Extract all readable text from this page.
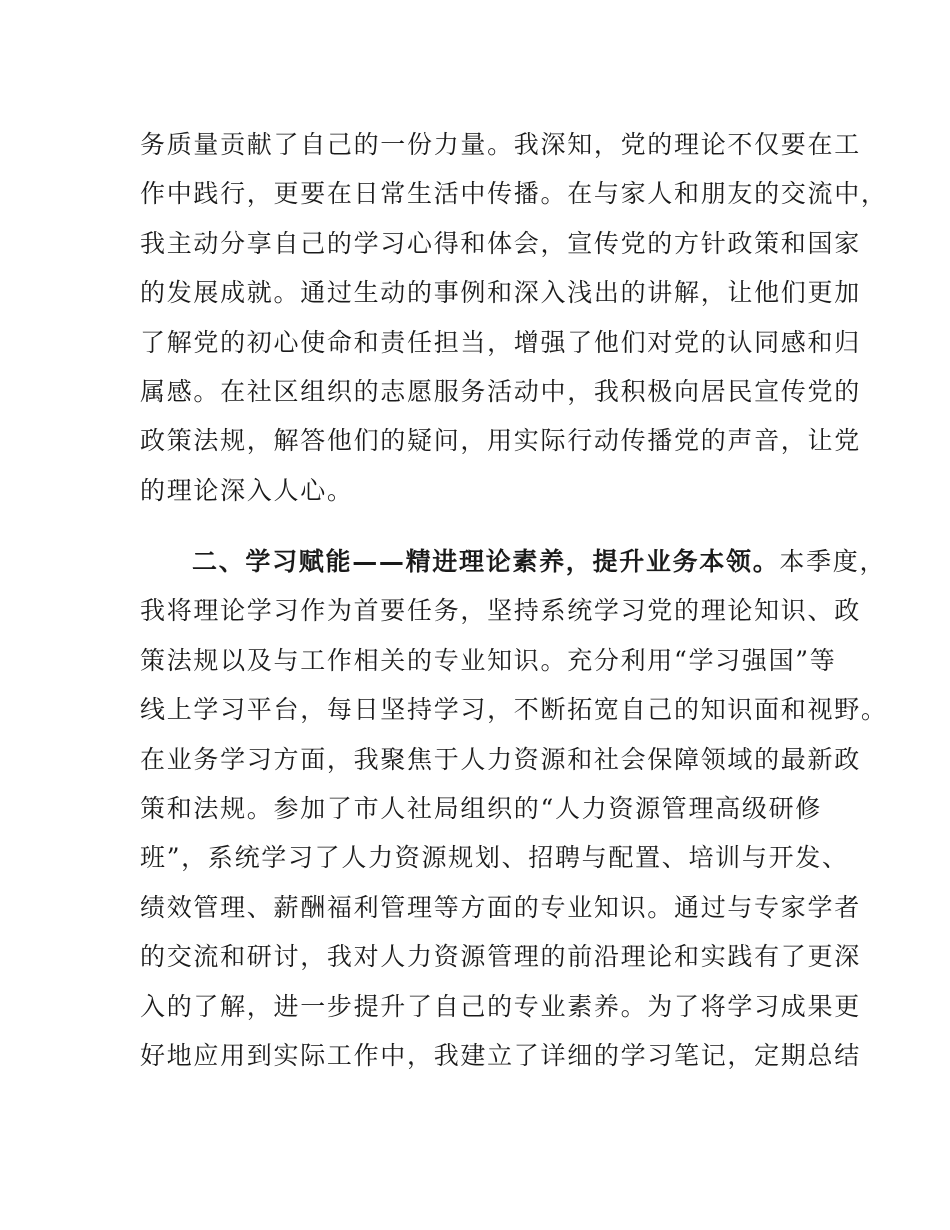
务质量贡献了自己的一份力量。我深知，党的理论不仅要在工
作中践行，更要在日常生活中传播。在与家人和朋友的交流中，
我主动分享自己的学习心得和体会，宣传党的方针政策和国家
的发展成就。通过生动的事例和深入浅出的讲解，让他们更加
了解党的初心使命和责任担当，增强了他们对党的认同感和归
属感。在社区组织的志愿服务活动中，我积极向居民宣传党的
政策法规，解答他们的疑问，用实际行动传播党的声音，让党
的理论深入人心。
二、学习赋能——精进理论素养，提升业务本领。本季度，
我将理论学习作为首要任务，坚持系统学习党的理论知识、政
策法规以及与工作相关的专业知识。充分利用“学习强国”等
线上学习平台，每日坚持学习，不断拓宽自己的知识面和视野。
在业务学习方面，我聚焦于人力资源和社会保障领域的最新政
策和法规。参加了市人社局组织的“人力资源管理高级研修
班”，系统学习了人力资源规划、招聘与配置、培训与开发、
绩效管理、薪酬福利管理等方面的专业知识。通过与专家学者
的交流和研讨，我对人力资源管理的前沿理论和实践有了更深
入的了解，进一步提升了自己的专业素养。为了将学习成果更
好地应用到实际工作中，我建立了详细的学习笔记，定期总结
